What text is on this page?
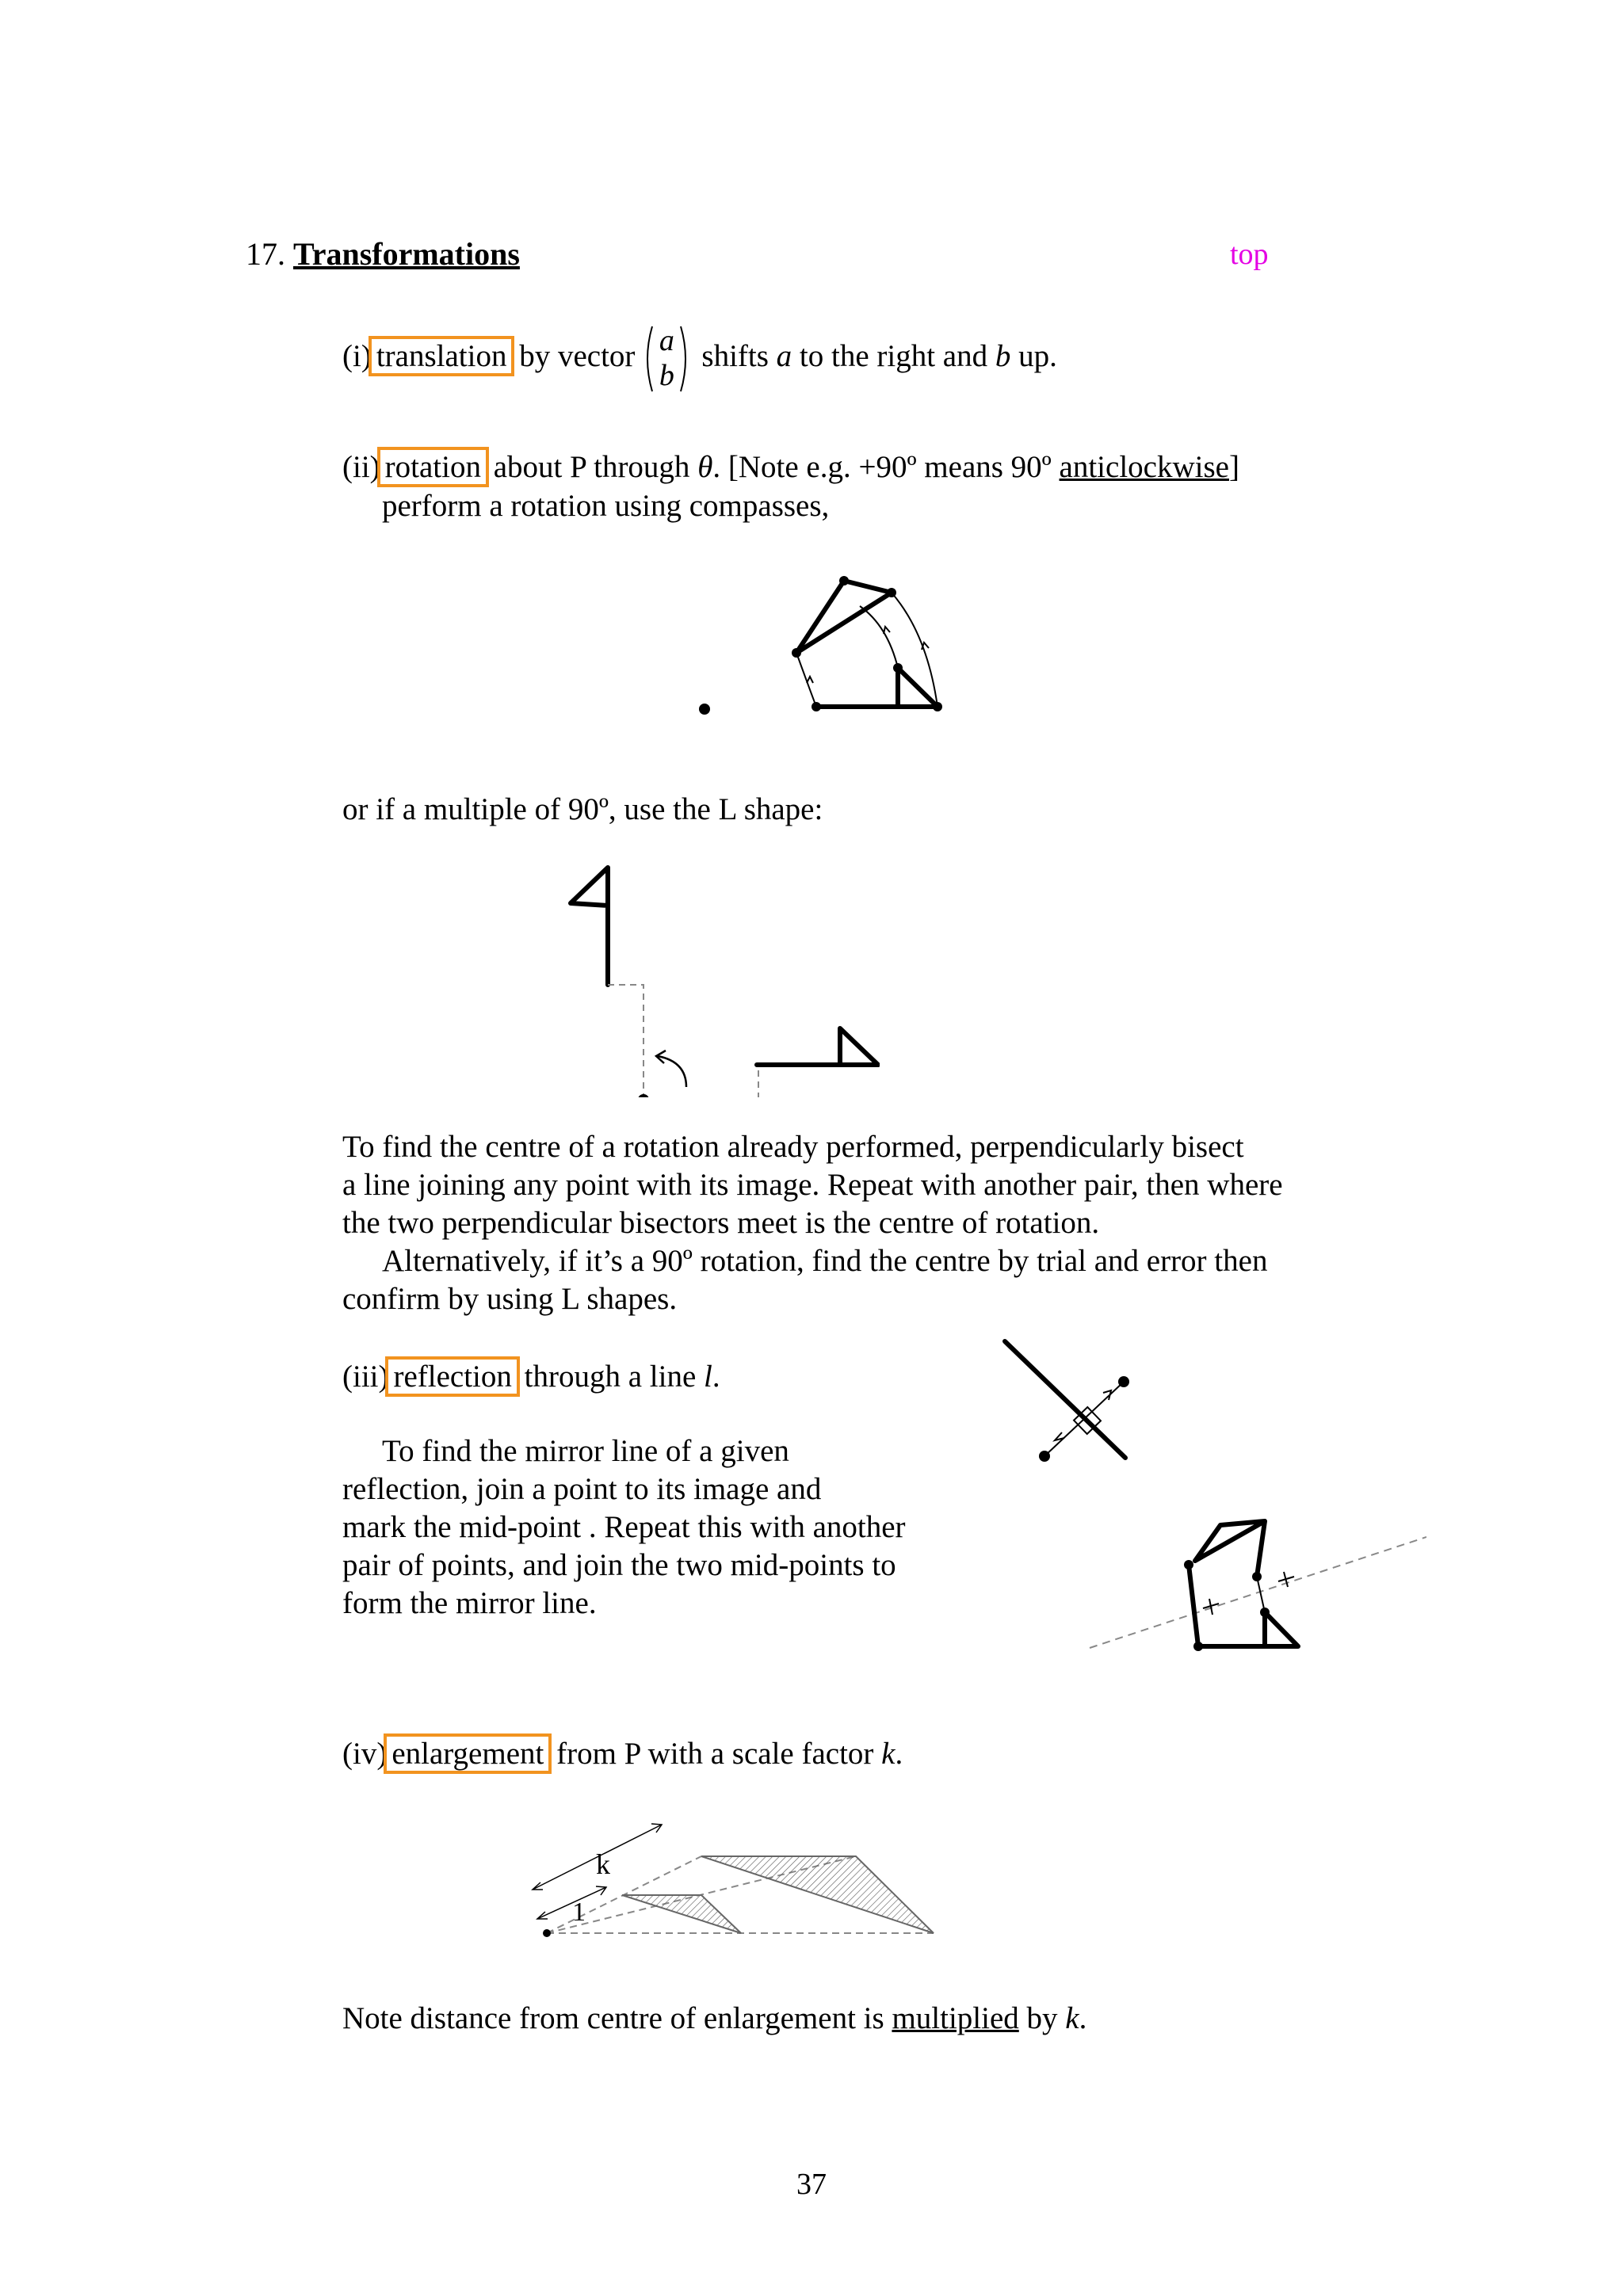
17. Transformations	top
(i) translation by vector a
b
shifts a to the right and b up.
(ii) rotation about P through θ. [Note e.g. +90º means 90º anticlockwise]
perform a rotation using compasses,
or if a multiple of 90º, use the L shape:
To find the centre of a rotation already performed, perpendicularly bisect
a line joining any point with its image. Repeat with another pair, then where
the two perpendicular bisectors meet is the centre of rotation.
Alternatively, if it’s a 90º rotation, find the centre by trial and error then
confirm by using L shapes.
(iii) reflection through a line l.
To find the mirror line of a given
reflection, join a point to its image and
mark the mid-point . Repeat this with another
pair of points, and join the two mid-points to
form the mirror line.
(iv) enlargement from P with a scale factor k.
k
1
Note distance from centre of enlargement is multiplied by k.
37
